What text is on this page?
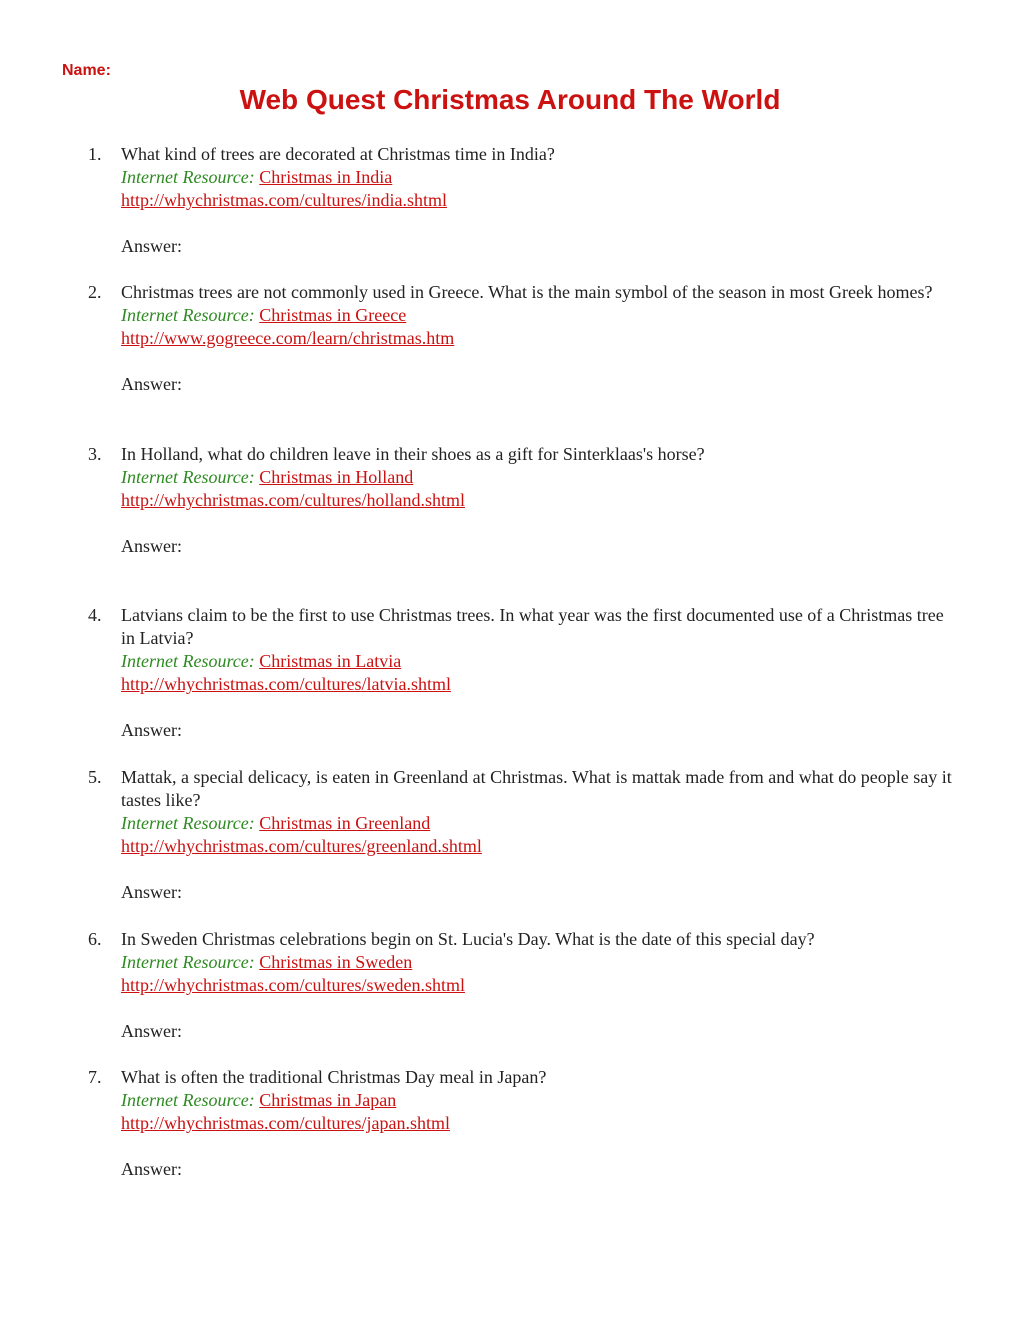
Name:
Web Quest Christmas Around The World
1.	What kind of trees are decorated at Christmas time in India?
Internet Resource: Christmas in India
http://whychristmas.com/cultures/india.shtml
Answer:
2.	Christmas trees are not commonly used in Greece. What is the main symbol of the season in most Greek homes?
Internet Resource: Christmas in Greece
http://www.gogreece.com/learn/christmas.htm
Answer:
3.	In Holland, what do children leave in their shoes as a gift for Sinterklaas's horse?
Internet Resource: Christmas in Holland
http://whychristmas.com/cultures/holland.shtml
Answer:
4.	Latvians claim to be the first to use Christmas trees. In what year was the first documented use of a Christmas tree in Latvia?
Internet Resource: Christmas in Latvia
http://whychristmas.com/cultures/latvia.shtml
Answer:
5.	Mattak, a special delicacy, is eaten in Greenland at Christmas. What is mattak made from and what do people say it tastes like?
Internet Resource: Christmas in Greenland
http://whychristmas.com/cultures/greenland.shtml
Answer:
6.	In Sweden Christmas celebrations begin on St. Lucia's Day. What is the date of this special day?
Internet Resource: Christmas in Sweden
http://whychristmas.com/cultures/sweden.shtml
Answer:
7.	What is often the traditional Christmas Day meal in Japan?
Internet Resource: Christmas in Japan
http://whychristmas.com/cultures/japan.shtml
Answer:
